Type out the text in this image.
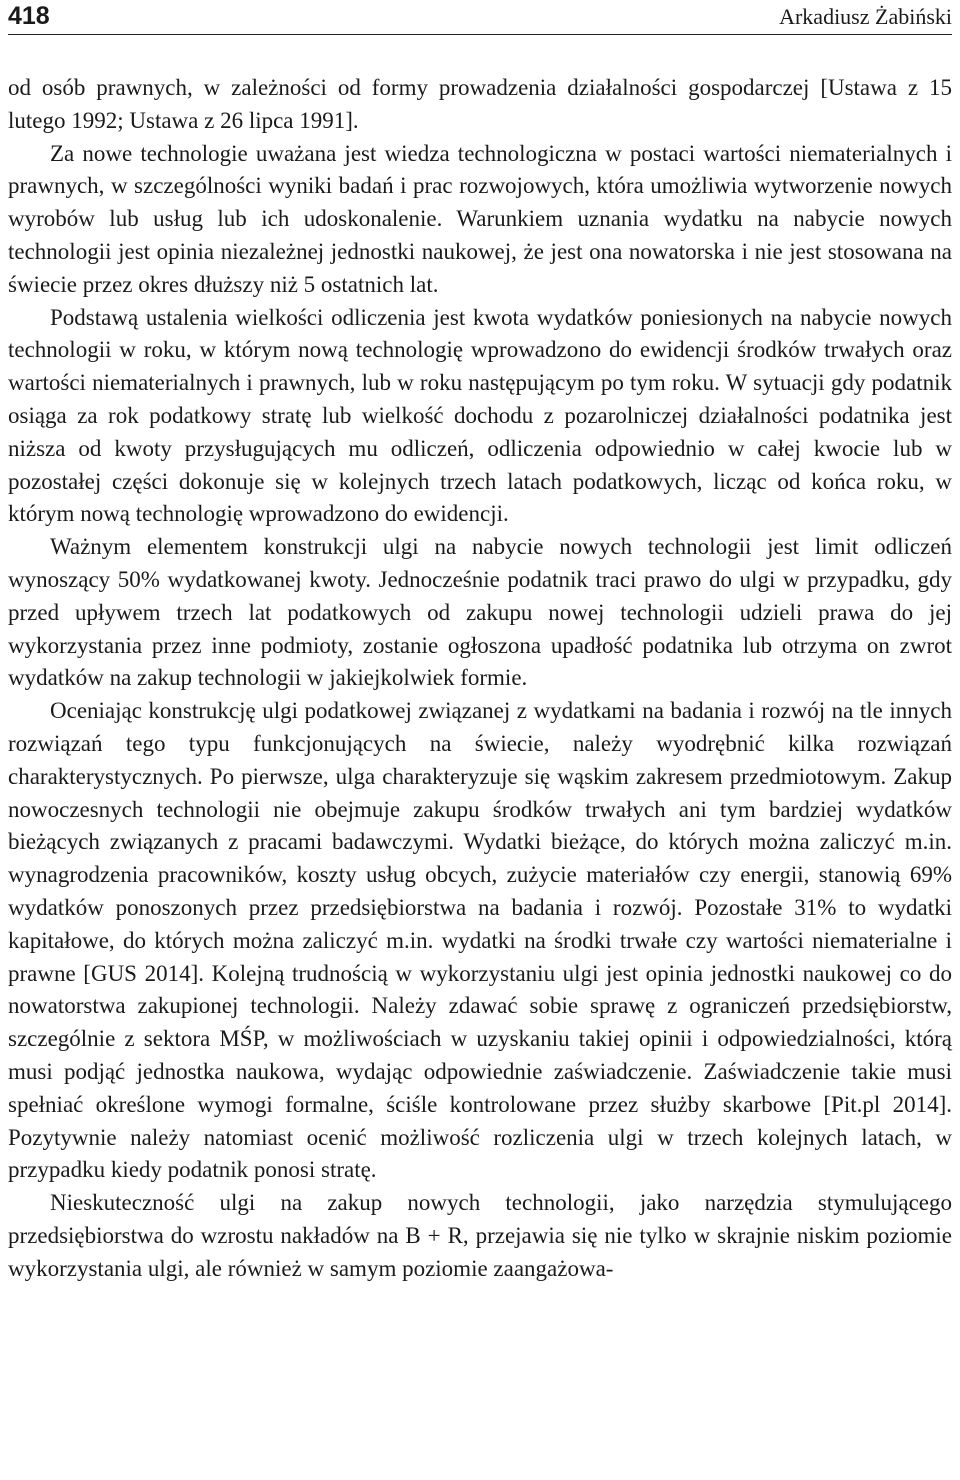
418	Arkadiusz Żabiński

od osób prawnych, w zależności od formy prowadzenia działalności gospodarczej [Ustawa z 15 lutego 1992; Ustawa z 26 lipca 1991].

Za nowe technologie uważana jest wiedza technologiczna w postaci wartości niematerialnych i prawnych, w szczególności wyniki badań i prac rozwojowych, która umożliwia wytworzenie nowych wyrobów lub usług lub ich udoskonalenie. Warunkiem uznania wydatku na nabycie nowych technologii jest opinia niezależnej jednostki naukowej, że jest ona nowatorska i nie jest stosowana na świecie przez okres dłuższy niż 5 ostatnich lat.

Podstawą ustalenia wielkości odliczenia jest kwota wydatków poniesionych na nabycie nowych technologii w roku, w którym nową technologię wprowadzono do ewidencji środków trwałych oraz wartości niematerialnych i prawnych, lub w roku następującym po tym roku. W sytuacji gdy podatnik osiąga za rok podatkowy stratę lub wielkość dochodu z pozarolniczej działalności podatnika jest niższa od kwoty przysługujących mu odliczeń, odliczenia odpowiednio w całej kwocie lub w pozostałej części dokonuje się w kolejnych trzech latach podatkowych, licząc od końca roku, w którym nową technologię wprowadzono do ewidencji.

Ważnym elementem konstrukcji ulgi na nabycie nowych technologii jest limit odliczeń wynoszący 50% wydatkowanej kwoty. Jednocześnie podatnik traci prawo do ulgi w przypadku, gdy przed upływem trzech lat podatkowych od zakupu nowej technologii udzieli prawa do jej wykorzystania przez inne podmioty, zostanie ogłoszona upadłość podatnika lub otrzyma on zwrot wydatków na zakup technologii w jakiejkolwiek formie.

Oceniając konstrukcję ulgi podatkowej związanej z wydatkami na badania i rozwój na tle innych rozwiązań tego typu funkcjonujących na świecie, należy wyodrębnić kilka rozwiązań charakterystycznych. Po pierwsze, ulga charakteryzuje się wąskim zakresem przedmiotowym. Zakup nowoczesnych technologii nie obejmuje zakupu środków trwałych ani tym bardziej wydatków bieżących związanych z pracami badawczymi. Wydatki bieżące, do których można zaliczyć m.in. wynagrodzenia pracowników, koszty usług obcych, zużycie materiałów czy energii, stanowią 69% wydatków ponoszonych przez przedsiębiorstwa na badania i rozwój. Pozostałe 31% to wydatki kapitałowe, do których można zaliczyć m.in. wydatki na środki trwałe czy wartości niematerialne i prawne [GUS 2014]. Kolejną trudnością w wykorzystaniu ulgi jest opinia jednostki naukowej co do nowatorstwa zakupionej technologii. Należy zdawać sobie sprawę z ograniczeń przedsiębiorstw, szczególnie z sektora MŚP, w możliwościach w uzyskaniu takiej opinii i odpowiedzialności, którą musi podjąć jednostka naukowa, wydając odpowiednie zaświadczenie. Zaświadczenie takie musi spełniać określone wymogi formalne, ściśle kontrolowane przez służby skarbowe [Pit.pl 2014]. Pozytywnie należy natomiast ocenić możliwość rozliczenia ulgi w trzech kolejnych latach, w przypadku kiedy podatnik ponosi stratę.

Nieskuteczność ulgi na zakup nowych technologii, jako narzędzia stymulującego przedsiębiorstwa do wzrostu nakładów na B + R, przejawia się nie tylko w skrajnie niskim poziomie wykorzystania ulgi, ale również w samym poziomie zaangażowa-
